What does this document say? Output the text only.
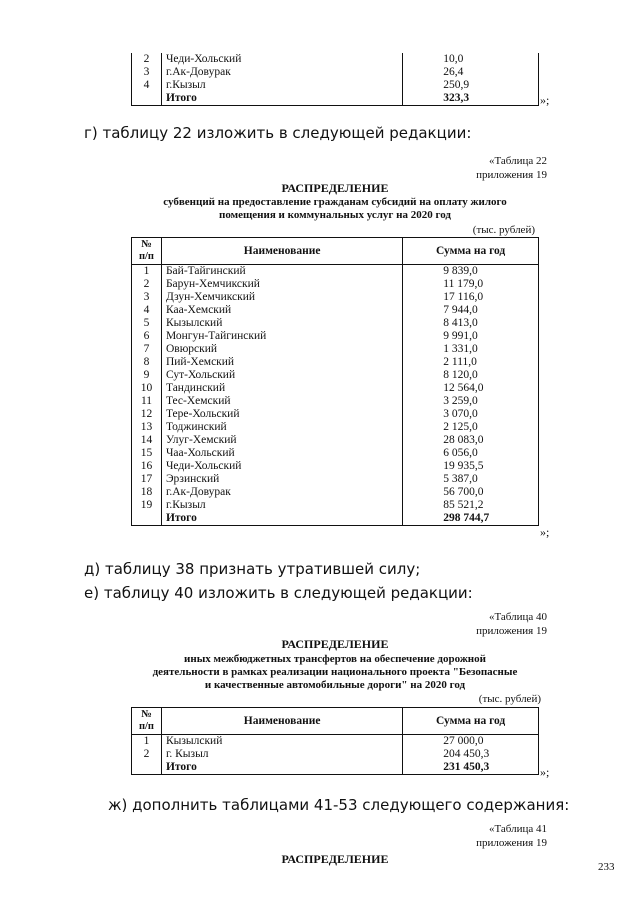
2	Чеди-Хольский	10,0
3	г.Ак-Довурак	26,4
4	г.Кызыл	250,9
	Итого	323,3	»;
г) таблицу 22 изложить в следующей редакции:
«Таблица 22
приложения 19
РАСПРЕДЕЛЕНИЕ
субвенций на предоставление гражданам субсидий на оплату жилого
помещения и коммунальных услуг на 2020 год
(тыс. рублей)
№ п/п	Наименование	Сумма на год
1	Бай-Тайгинский	9 839,0
2	Барун-Хемчикский	11 179,0
3	Дзун-Хемчикский	17 116,0
4	Каа-Хемский	7 944,0
5	Кызылский	8 413,0
6	Монгун-Тайгинский	9 991,0
7	Овюрский	1 331,0
8	Пий-Хемский	2 111,0
9	Сут-Хольский	8 120,0
10	Тандинский	12 564,0
11	Тес-Хемский	3 259,0
12	Тере-Хольский	3 070,0
13	Тоджинский	2 125,0
14	Улуг-Хемский	28 083,0
15	Чаа-Хольский	6 056,0
16	Чеди-Хольский	19 935,5
17	Эрзинский	5 387,0
18	г.Ак-Довурак	56 700,0
19	г.Кызыл	85 521,2
	Итого	298 744,7
»;
д) таблицу 38 признать утратившей силу;
е) таблицу 40 изложить в следующей редакции:
«Таблица 40
приложения 19
РАСПРЕДЕЛЕНИЕ
иных межбюджетных трансфертов на обеспечение дорожной
деятельности в рамках реализации национального проекта "Безопасные
и качественные автомобильные дороги" на 2020 год
(тыс. рублей)
№ п/п	Наименование	Сумма на год
1	Кызылский	27 000,0
2	г. Кызыл	204 450,3
	Итого	231 450,3	»;
ж) дополнить таблицами 41-53 следующего содержания:
«Таблица 41
приложения 19
РАСПРЕДЕЛЕНИЕ
233
